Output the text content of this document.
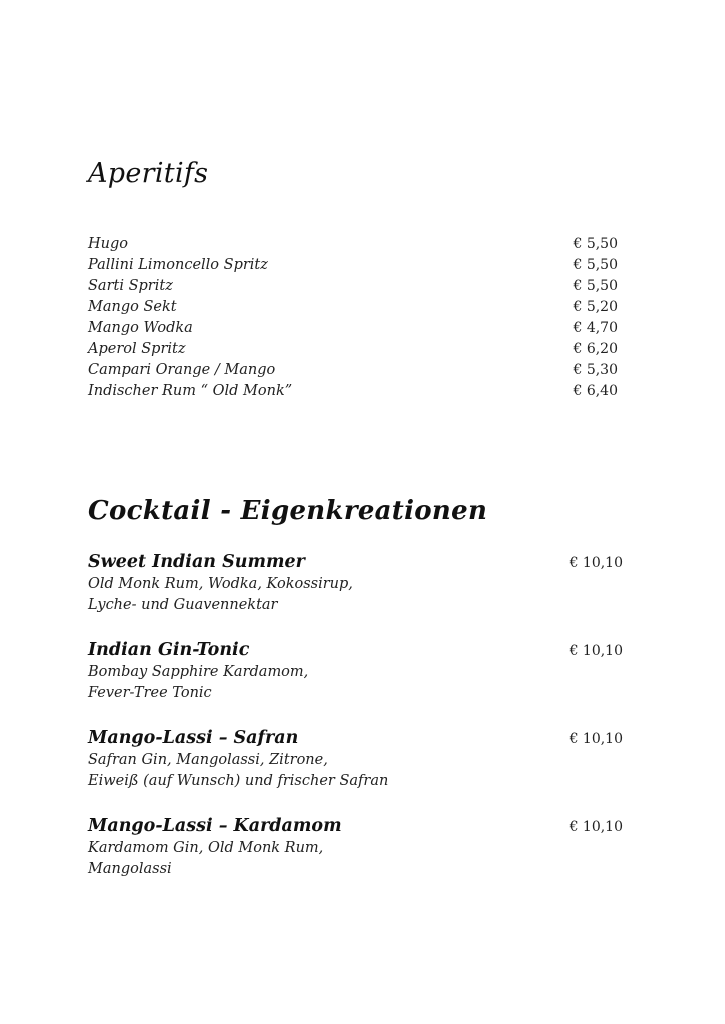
Aperitifs
Hugo	€ 5,50
Pallini Limoncello Spritz	€ 5,50
Sarti Spritz	€ 5,50
Mango Sekt	€ 5,20
Mango Wodka	€ 4,70
Aperol Spritz	€ 6,20
Campari Orange / Mango	€ 5,30
Indischer Rum “ Old Monk”	€ 6,40
Cocktail - Eigenkreationen
Sweet Indian Summer	€ 10,10
Old Monk Rum, Wodka, Kokossirup,
Lyche- und Guavennektar
Indian Gin-Tonic	€ 10,10
Bombay Sapphire Kardamom,
Fever-Tree Tonic
Mango-Lassi – Safran	€ 10,10
Safran Gin, Mangolassi, Zitrone,
Eiweiß (auf Wunsch) und frischer Safran
Mango-Lassi – Kardamom	€ 10,10
Kardamom Gin, Old Monk Rum,
Mangolassi
